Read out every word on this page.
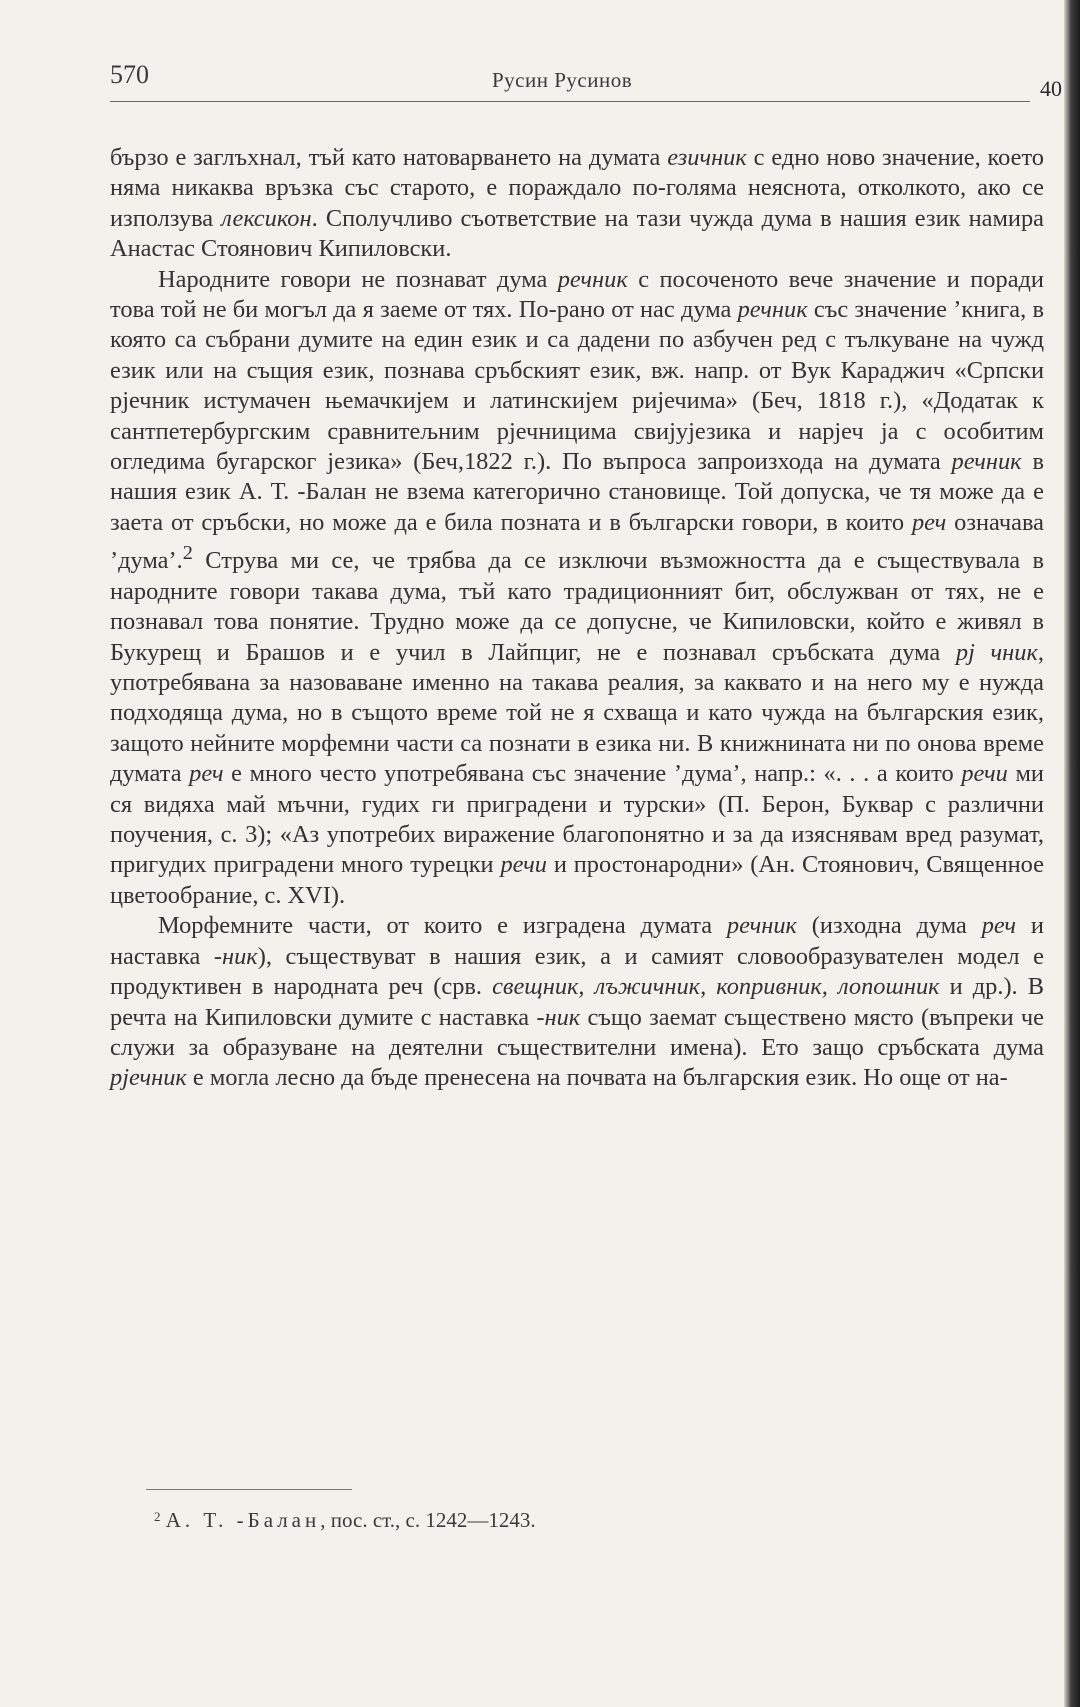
570	Русин Русинов	40

бързо е заглъхнал, тъй като натоварването на думата езичник с едно ново значение, което няма никаква връзка със старото, е пораждало по-голяма неяснота, отколкото, ако се използува лексикон. Сполучливо съответствие на тази чужда дума в нашия език намира Анастас Стоянович Кипиловски.

Народните говори не познават дума речник с посоченото вече значение и поради това той не би могъл да я заеме от тях. По-рано от нас дума речник със значение ’книга, в която са събрани думите на един език и са дадени по азбучен ред с тълкуване на чужд език или на същия език, познава сръбският език, вж. напр. от Вук Караджич «Српски рјечник истумачен њемачкијем и латинскијем ријечима» (Беч, 1818 г.), «Додатак к сантпетербургским сравнитељним рјечницима свијујезика и нарјеч ја с особитим огледима бугарског језика» (Беч,1822 г.). По въпроса запроизхода на думата речник в нашия език А. Т. -Балан не взема категорично становище. Той допуска, че тя може да е заета от сръбски, но може да е била позната и в български говори, в които реч означава ’дума’.$^2$ Струва ми се, че трябва да се изключи възможността да е съществувала в народните говори такава дума, тъй като традиционният бит, обслужван от тях, не е познавал това понятие. Трудно може да се допусне, че Кипиловски, който е живял в Букурещ и Брашов и е учил в Лайпциг, не е познавал сръбската дума рј чник, употребявана за назоваване именно на такава реалия, за каквато и на него му е нужда подходяща дума, но в същото време той не я схваща и като чужда на българския език, защото нейните морфемни части са познати в езика ни. В книжнината ни по онова време думата реч е много често употребявана със значение ’дума’, напр.: «. . . а които речи ми ся видяха май мъчни, гудих ги приградени и турски» (П. Берон, Буквар с различни поучения, с. 3); «Аз употребих виражение благопонятно и за да изяснявам вред разумат, пригудих приградени много турецки речи и простонародни» (Ан. Стоянович, Священное цветообрание, с. XVI).

Морфемните части, от които е изградена думата речник (изходна дума реч и наставка -ник), съществуват в нашия език, а и самият словообразувателен модел е продуктивен в народната реч (срв. свещник, лъжичник, копривник, лопошник и др.). В речта на Кипиловски думите с наставка -ник също заемат съществено място (въпреки че служи за образуване на деятелни съществителни имена). Ето защо сръбската дума рјечник е могла лесно да бъде пренесена на почвата на българския език. Но още от на-

$^2$ А. Т. -Балан, пос. ст., с. 1242—1243.
